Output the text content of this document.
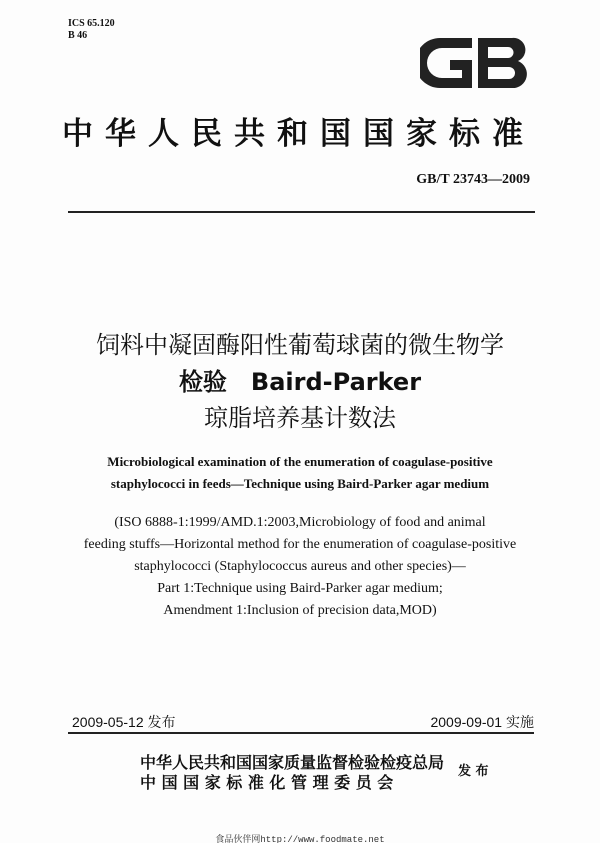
ICS 65.120
B 46
中华人民共和国国家标准
GB/T 23743—2009
饲料中凝固酶阳性葡萄球菌的微生物学
检验　Baird-Parker
琼脂培养基计数法
Microbiological examination of the enumeration of coagulase-positive
staphylococci in feeds—Technique using Baird-Parker agar medium
(ISO 6888-1:1999/AMD.1:2003,Microbiology of food and animal
feeding stuffs—Horizontal method for the enumeration of coagulase-positive
staphylococci (Staphylococcus aureus and other species)—
Part 1:Technique using Baird-Parker agar medium;
Amendment 1:Inclusion of precision data,MOD)
2009-05-12 发布	2009-09-01 实施
中华人民共和国国家质量监督检验检疫总局
中 国 国 家 标 准 化 管 理 委 员 会
发 布
食品伙伴网http://www.foodmate.net
